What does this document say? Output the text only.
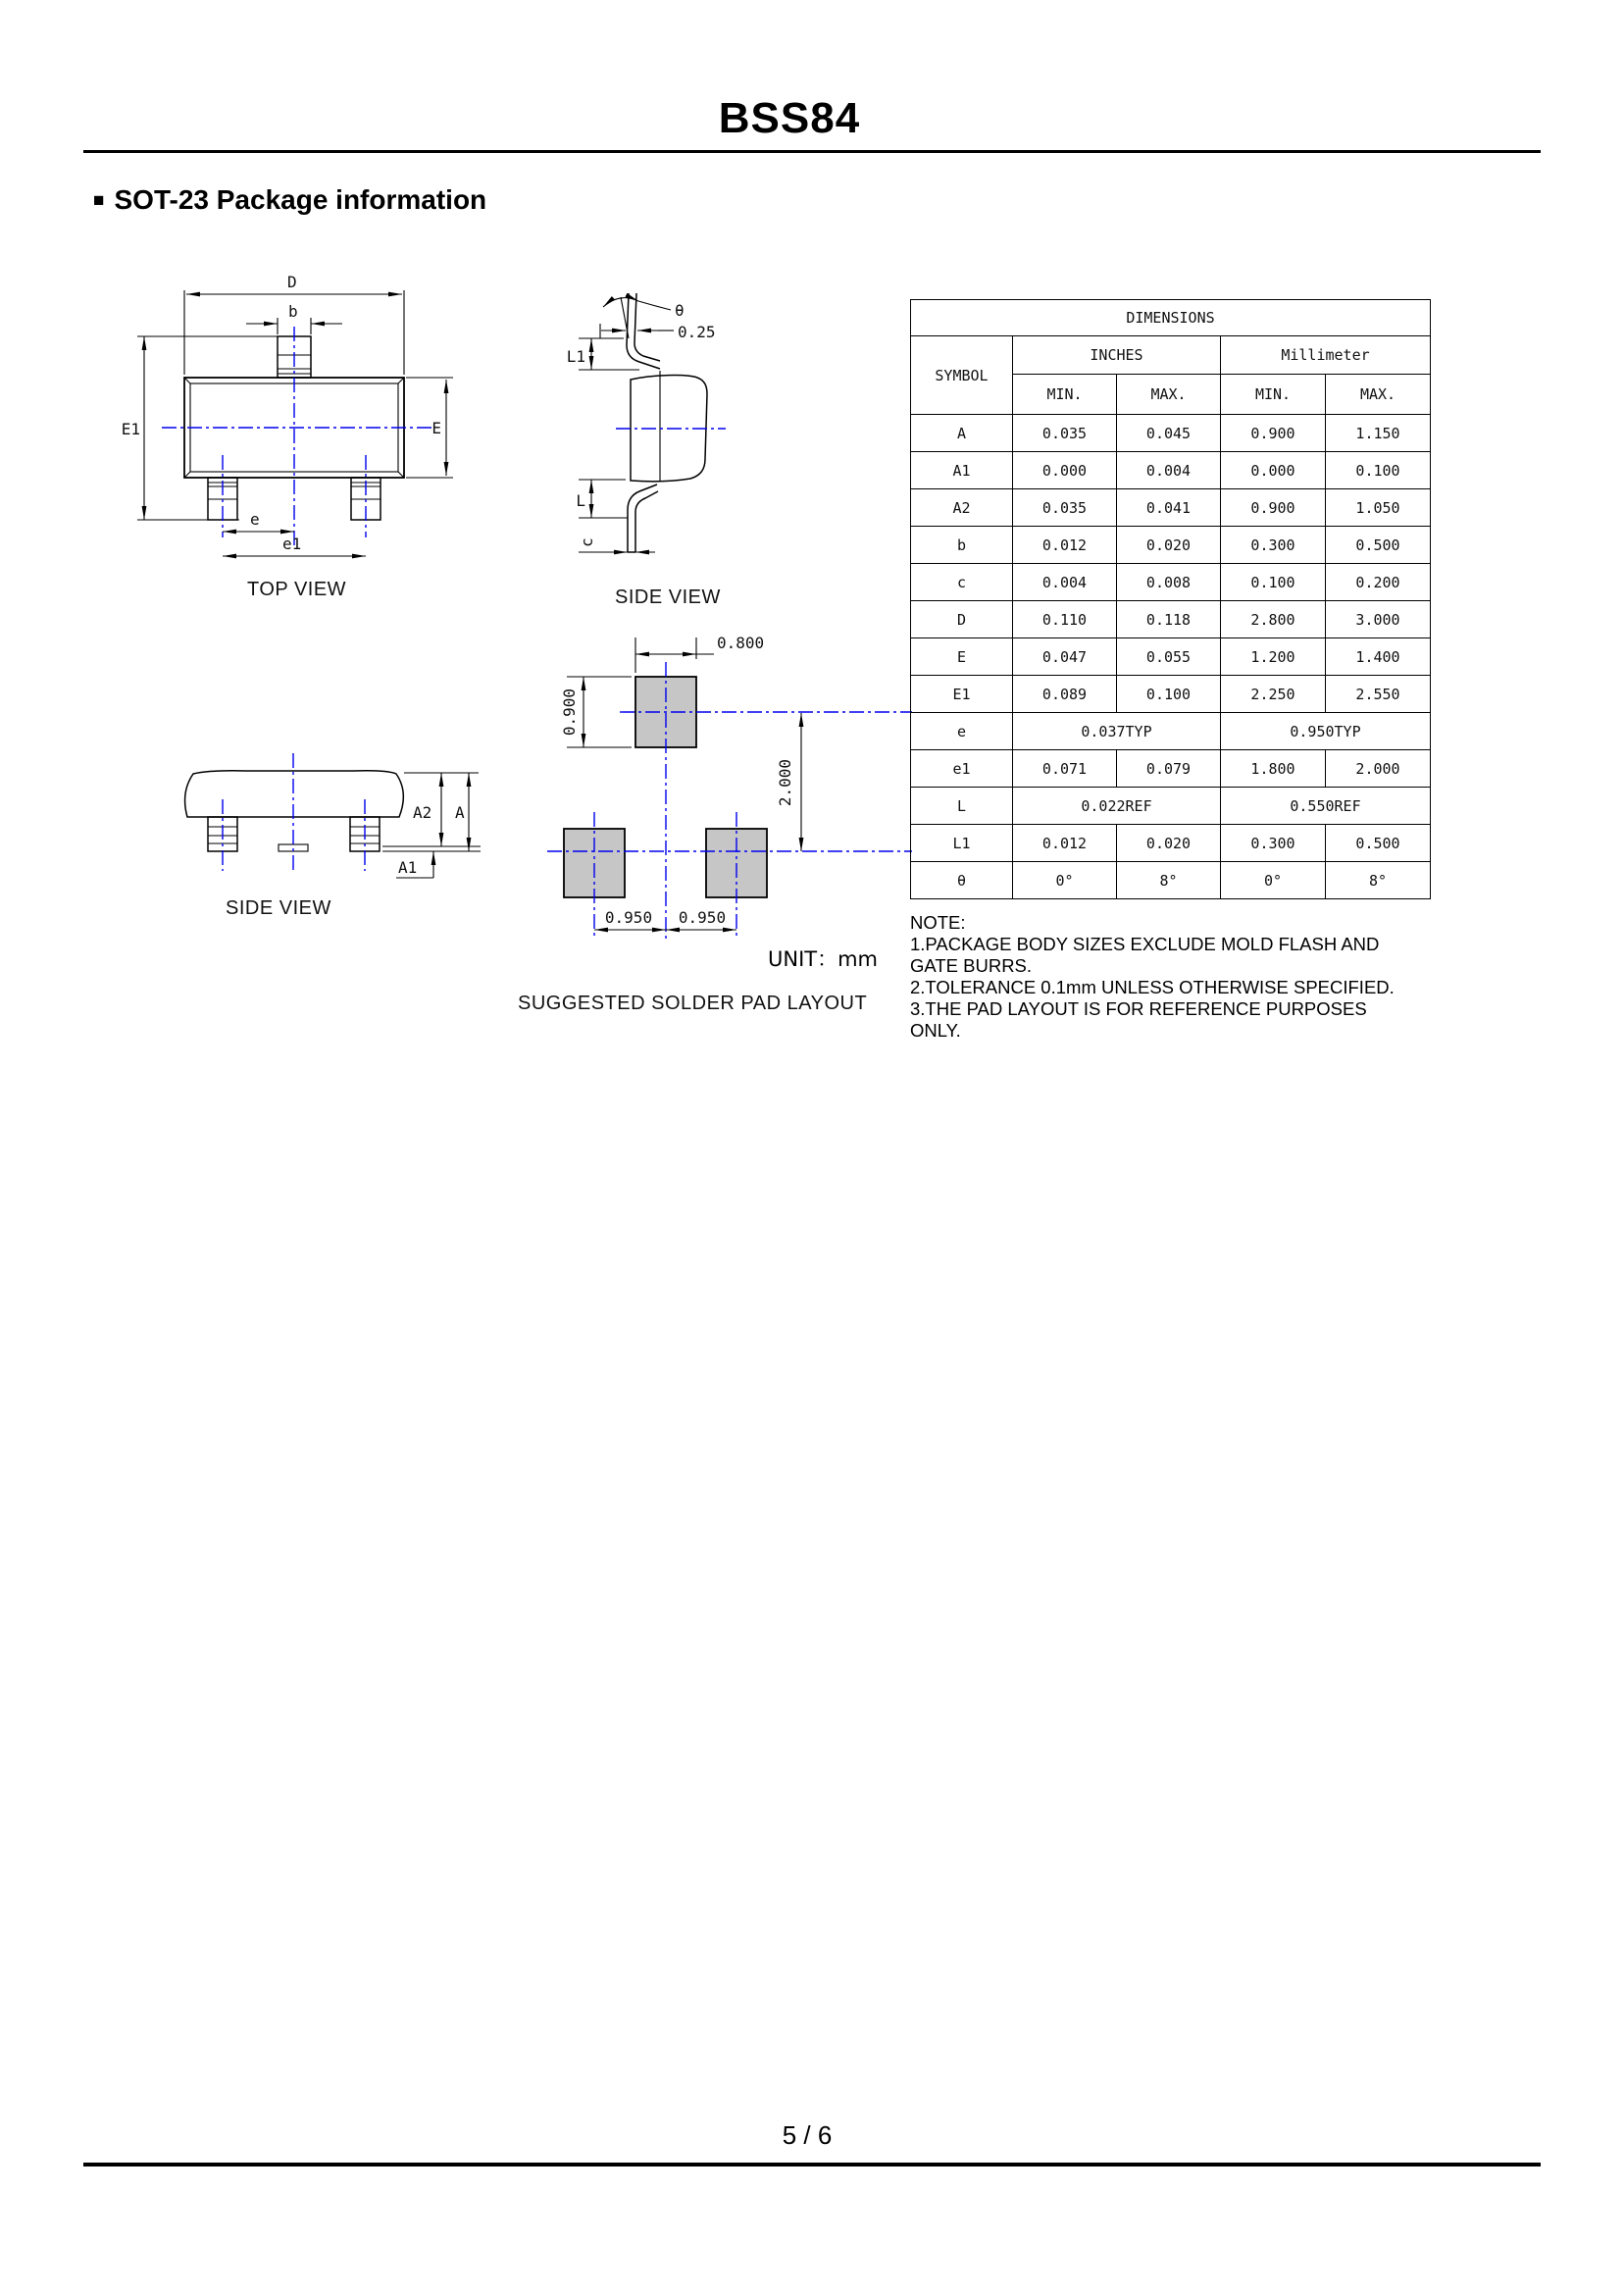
BSS84
■ SOT-23 Package information
D
b
E1	E
e
e1
TOP VIEW
θ
0.25
L1
L
c
SIDE VIEW
A2 A
A1
SIDE VIEW
0.800
0.900
2.000
0.950 0.950
UNIT：mm
SUGGESTED SOLDER PAD LAYOUT
DIMENSIONS				
SYMBOL	INCHES		Millimeter	
	MIN.	MAX.	MIN.	MAX.
A	0.035	0.045	0.900	1.150
A1	0.000	0.004	0.000	0.100
A2	0.035	0.041	0.900	1.050
b	0.012	0.020	0.300	0.500
c	0.004	0.008	0.100	0.200
D	0.110	0.118	2.800	3.000
E	0.047	0.055	1.200	1.400
E1	0.089	0.100	2.250	2.550
e	0.037TYP		0.950TYP	
e1	0.071	0.079	1.800	2.000
L	0.022REF		0.550REF	
L1	0.012	0.020	0.300	0.500
θ	0°	8°	0°	8°
NOTE:
1.PACKAGE BODY SIZES EXCLUDE MOLD FLASH AND GATE BURRS.
2.TOLERANCE 0.1mm UNLESS OTHERWISE SPECIFIED.
3.THE PAD LAYOUT IS FOR REFERENCE PURPOSES ONLY.
5 / 6
